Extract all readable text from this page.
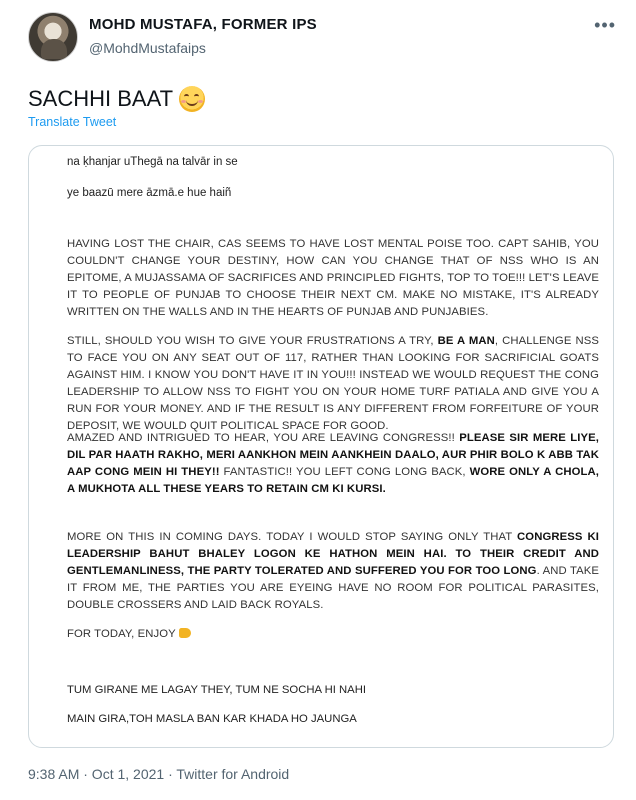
MOHD MUSTAFA, FORMER IPS
@MohdMustafaips
•••
SACHHI BAAT
Translate Tweet
na ḳhanjar uThegā na talvār in se
ye baazū mere āzmā.e hue haiñ
HAVING LOST THE CHAIR, CAS SEEMS TO HAVE LOST MENTAL POISE TOO. CAPT SAHIB, YOU COULDN'T CHANGE YOUR DESTINY, HOW CAN YOU CHANGE THAT OF NSS WHO IS AN EPITOME, A MUJASSAMA OF SACRIFICES AND PRINCIPLED FIGHTS, TOP TO TOE!!! LET'S LEAVE IT TO PEOPLE OF PUNJAB TO CHOOSE THEIR NEXT CM. MAKE NO MISTAKE, IT'S ALREADY WRITTEN ON THE WALLS AND IN THE HEARTS OF PUNJAB AND PUNJABIES.
STILL, SHOULD YOU WISH TO GIVE YOUR FRUSTRATIONS A TRY, BE A MAN, CHALLENGE NSS TO FACE YOU ON ANY SEAT OUT OF 117, RATHER THAN LOOKING FOR SACRIFICIAL GOATS AGAINST HIM. I KNOW YOU DON'T HAVE IT IN YOU!!! INSTEAD WE WOULD REQUEST THE CONG LEADERSHIP TO ALLOW NSS TO FIGHT YOU ON YOUR HOME TURF PATIALA AND GIVE YOU A RUN FOR YOUR MONEY. AND IF THE RESULT IS ANY DIFFERENT FROM FORFEITURE OF YOUR DEPOSIT, WE WOULD QUIT POLITICAL SPACE FOR GOOD.
AMAZED AND INTRIGUED TO HEAR, YOU ARE LEAVING CONGRESS!! PLEASE SIR MERE LIYE, DIL PAR HAATH RAKHO, MERI AANKHON MEIN AANKHEIN DAALO, AUR PHIR BOLO K ABB TAK AAP CONG MEIN HI THEY!! FANTASTIC!! YOU LEFT CONG LONG BACK, WORE ONLY A CHOLA, A MUKHOTA ALL THESE YEARS TO RETAIN CM KI KURSI.
MORE ON THIS IN COMING DAYS. TODAY I WOULD STOP SAYING ONLY THAT CONGRESS KI LEADERSHIP BAHUT BHALEY LOGON KE HATHON MEIN HAI. TO THEIR CREDIT AND GENTLEMANLINESS, THE PARTY TOLERATED AND SUFFERED YOU FOR TOO LONG. AND TAKE IT FROM ME, THE PARTIES YOU ARE EYEING HAVE NO ROOM FOR POLITICAL PARASITES, DOUBLE CROSSERS AND LAID BACK ROYALS.
FOR TODAY, ENJOY
TUM GIRANE ME LAGAY THEY, TUM NE SOCHA HI NAHI
MAIN GIRA,TOH MASLA BAN KAR KHADA HO JAUNGA
9:38 AM · Oct 1, 2021 · Twitter for Android
